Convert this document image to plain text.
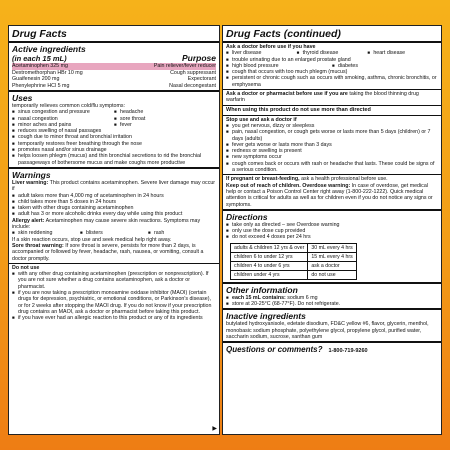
Drug Facts
Active ingredients
(in each 15 mL)	Purpose
Acetaminophen 325 mg	Pain reliever/fever reducer
Dextromethorphan HBr 10 mg	Cough suppressant
Guaifenesin 200 mg	Expectorant
Phenylephrine HCl 5 mg	Nasal decongestant
Uses
temporarily relieves common cold/flu symptoms:
■ sinus congestion and pressure	■ headache
■ nasal congestion	■ sore throat
■ minor aches and pains	■ fever
■ reduces swelling of nasal passages
■ cough due to minor throat and bronchial irritation
■ temporarily restores freer breathing through the nose
■ promotes nasal and/or sinus drainage
■ helps loosen phlegm (mucus) and thin bronchial secretions to rid the bronchial passageways of bothersome mucus and make coughs more productive
Warnings
Liver warning: This product contains acetaminophen. Severe liver damage may occur if
■ adult takes more than 4,000 mg of acetaminophen in 24 hours
■ child takes more than 5 doses in 24 hours
■ taken with other drugs containing acetaminophen
■ adult has 3 or more alcoholic drinks every day while using this product
Allergy alert: Acetaminophen may cause severe skin reactions. Symptoms may include:
■ skin reddening	■ blisters	■ rash
If a skin reaction occurs, stop use and seek medical help right away.
Sore throat warning: If sore throat is severe, persists for more than 2 days, is accompanied or followed by fever, headache, rash, nausea, or vomiting, consult a doctor promptly.
Do not use
■ with any other drug containing acetaminophen (prescription or nonprescription). If you are not sure whether a drug contains acetaminophen, ask a doctor or pharmacist.
■ if you are now taking a prescription monoamine oxidase inhibitor (MAOI) (certain drugs for depression, psychiatric, or emotional conditions, or Parkinson's disease), or for 2 weeks after stopping the MAOI drug. If you do not know if your prescription drug contains an MAOI, ask a doctor or pharmacist before taking this product.
■ if you have ever had an allergic reaction to this product or any of its ingredients
▶
Drug Facts (continued)
Ask a doctor before use if you have
■ liver disease	■ thyroid disease	■ heart disease
■ trouble urinating due to an enlarged prostate gland
■ high blood pressure	■ diabetes
■ cough that occurs with too much phlegm (mucus)
■ persistent or chronic cough such as occurs with smoking, asthma, chronic bronchitis, or emphysema
Ask a doctor or pharmacist before use if you are taking the blood thinning drug warfarin
When using this product do not use more than directed
Stop use and ask a doctor if
■ you get nervous, dizzy or sleepless
■ pain, nasal congestion, or cough gets worse or lasts more than 5 days (children) or 7 days (adults)
■ fever gets worse or lasts more than 3 days
■ redness or swelling is present
■ new symptoms occur
■ cough comes back or occurs with rash or headache that lasts. These could be signs of a serious condition.
If pregnant or breast-feeding, ask a health professional before use.
Keep out of reach of children. Overdose warning: In case of overdose, get medical help or contact a Poison Control Center right away (1-800-222-1222). Quick medical attention is critical for adults as well as for children even if you do not notice any signs or symptoms.
Directions
■ take only as directed – see Overdose warning
■ only use the dose cup provided
■ do not exceed 4 doses per 24 hrs
adults & children 12 yrs & over	30 mL every 4 hrs
children 6 to under 12 yrs	15 mL every 4 hrs
children 4 to under 6 yrs	ask a doctor
children under 4 yrs	do not use
Other information
■ each 15 mL contains: sodium 6 mg
■ store at 20-25°C (68-77°F). Do not refrigerate.
Inactive ingredients
butylated hydroxyanisole, edetate disodium, FD&C yellow #6, flavor, glycerin, menthol, monobasic sodium phosphate, polyethylene glycol, propylene glycol, purified water, saccharin sodium, sucrose, xanthan gum
Questions or comments? 1-800-719-9260
